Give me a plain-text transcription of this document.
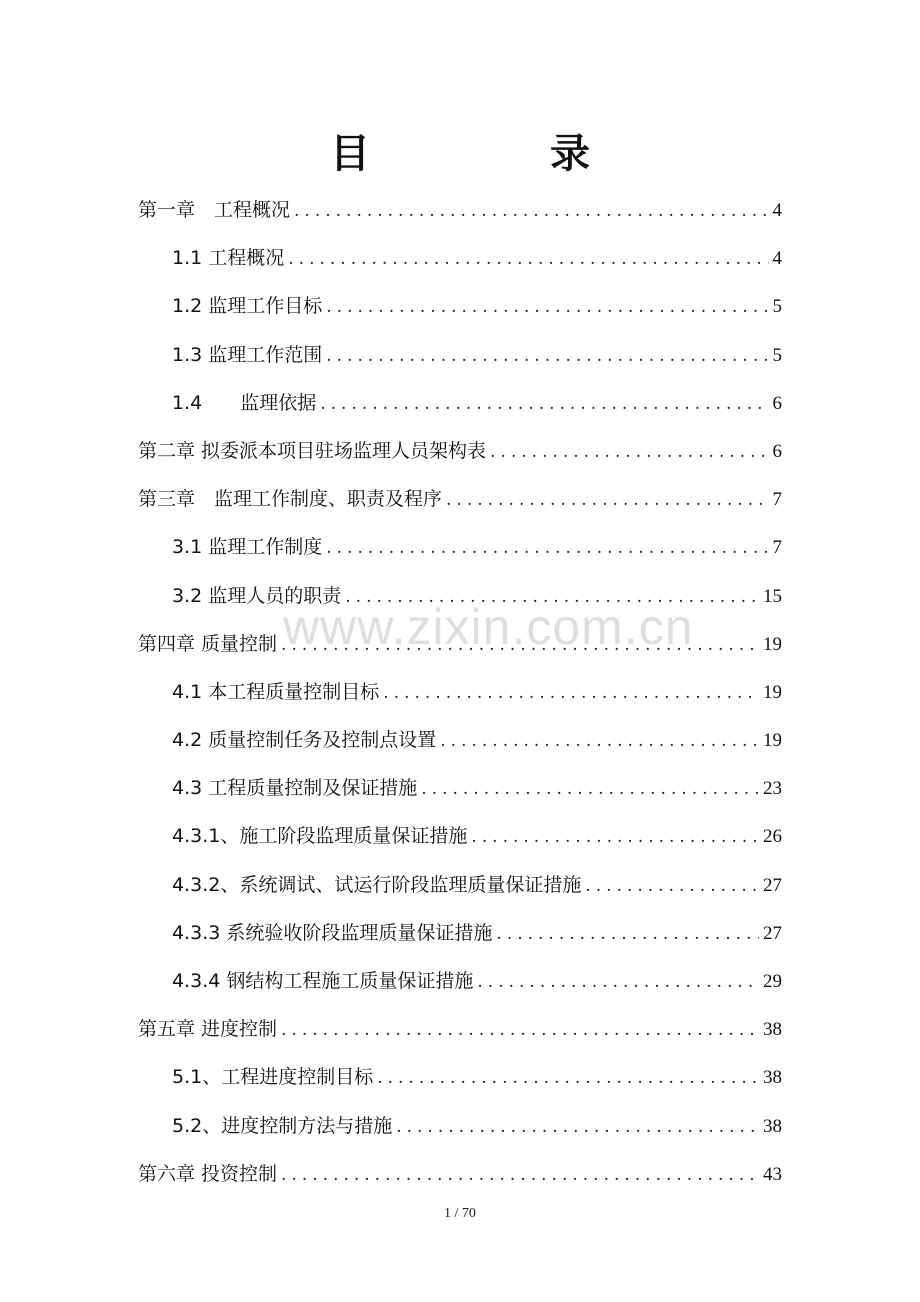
目	录
第一章　工程概况 .....	4
1.1 工程概况 .....	4
1.2 监理工作目标 .....	5
1.3 监理工作范围 .....	5
1.4　　监理依据 .....	6
第二章 拟委派本项目驻场监理人员架构表 .....	6
第三章　监理工作制度、职责及程序 .....	7
3.1 监理工作制度 .....	7
3.2 监理人员的职责 .....	15
第四章 质量控制 .....	19
4.1 本工程质量控制目标 .....	19
4.2 质量控制任务及控制点设置 .....	19
4.3 工程质量控制及保证措施 .....	23
4.3.1、施工阶段监理质量保证措施 .....	26
4.3.2、系统调试、试运行阶段监理质量保证措施 .....	27
4.3.3 系统验收阶段监理质量保证措施 .....	27
4.3.4 钢结构工程施工质量保证措施 .....	29
第五章 进度控制 .....	38
5.1、工程进度控制目标 .....	38
5.2、进度控制方法与措施 .....	38
第六章 投资控制 .....	43
www.zixin.com.cn
1 / 70
